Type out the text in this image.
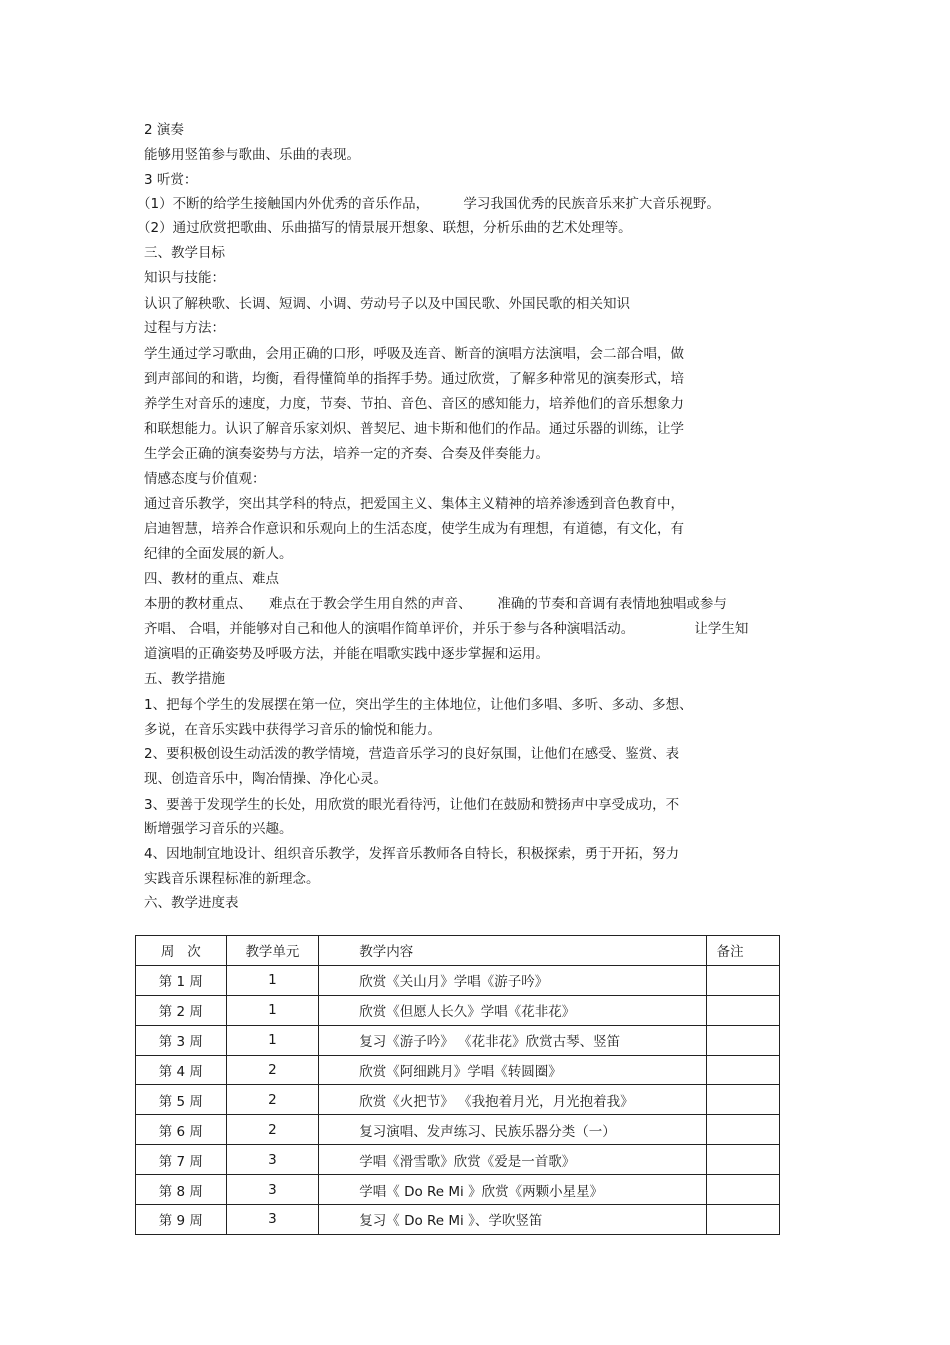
2 演奏
能够用竖笛参与歌曲、乐曲的表现。
3 听赏：
（1）不断的给学生接触国内外优秀的音乐作品，        学习我国优秀的民族音乐来扩大音乐视野。
（2）通过欣赏把歌曲、乐曲描写的情景展开想象、联想，分析乐曲的艺术处理等。
三、教学目标
知识与技能：
认识了解秧歌、长调、短调、小调、劳动号子以及中国民歌、外国民歌的相关知识
过程与方法：
学生通过学习歌曲，会用正确的口形，呼吸及连音、断音的演唱方法演唱，会二部合唱，做
到声部间的和谐，均衡，看得懂简单的指挥手势。通过欣赏，了解多种常见的演奏形式，培
养学生对音乐的速度，力度，节奏、节拍、音色、音区的感知能力，培养他们的音乐想象力
和联想能力。认识了解音乐家刘炽、普契尼、迪卡斯和他们的作品。通过乐器的训练，让学
生学会正确的演奏姿势与方法，培养一定的齐奏、合奏及伴奏能力。
情感态度与价值观：
通过音乐教学，突出其学科的特点，把爱国主义、集体主义精神的培养渗透到音色教育中，
启迪智慧，培养合作意识和乐观向上的生活态度，使学生成为有理想，有道德，有文化，有
纪律的全面发展的新人。
四、教材的重点、难点
本册的教材重点、    难点在于教会学生用自然的声音、      准确的节奏和音调有表情地独唱或参与
齐唱、 合唱，并能够对自己和他人的演唱作简单评价，并乐于参与各种演唱活动。              让学生知
道演唱的正确姿势及呼吸方法，并能在唱歌实践中逐步掌握和运用。
五、教学措施
1、把每个学生的发展摆在第一位，突出学生的主体地位，让他们多唱、多听、多动、多想、
多说，在音乐实践中获得学习音乐的愉悦和能力。
2、要积极创设生动活泼的教学情境，营造音乐学习的良好氛围，让他们在感受、鉴赏、表
现、创造音乐中，陶冶情操、净化心灵。
3、要善于发现学生的长处，用欣赏的眼光看待沔，让他们在鼓励和赞扬声中享受成功，不
断增强学习音乐的兴趣。
4、因地制宜地设计、组织音乐教学，发挥音乐教师各自特长，积极探索，勇于开拓，努力
实践音乐课程标准的新理念。
六、教学进度表
周   次	教学单元	教学内容	备注
第 1 周	1	欣赏《关山月》学唱《游子吟》	
第 2 周	1	欣赏《但愿人长久》学唱《花非花》	
第 3 周	1	复习《游子吟》 《花非花》欣赏古琴、竖笛	
第 4 周	2	欣赏《阿细跳月》学唱《转圆圈》	
第 5 周	2	欣赏《火把节》 《我抱着月光，月光抱着我》	
第 6 周	2	复习演唱、发声练习、民族乐器分类（一）	
第 7 周	3	学唱《滑雪歌》欣赏《爱是一首歌》	
第 8 周	3	学唱《 Do Re Mi 》欣赏《两颗小星星》	
第 9 周	3	复习《 Do Re Mi 》、学吹竖笛	
